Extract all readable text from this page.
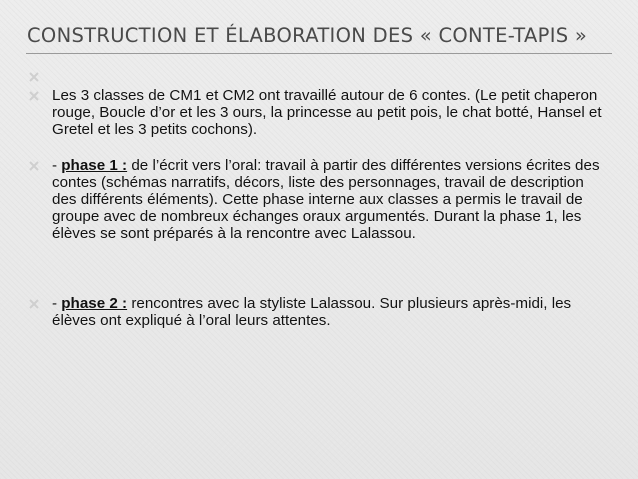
CONSTRUCTION ET ÉLABORATION DES « CONTE-TAPIS »
Les 3 classes de CM1 et CM2 ont travaillé autour de 6 contes. (Le petit chaperon rouge, Boucle d’or et les 3 ours, la princesse au petit pois, le chat botté, Hansel et Gretel et les 3 petits cochons).
- phase 1 : de l’écrit vers l’oral: travail à partir des différentes versions écrites des contes (schémas narratifs, décors, liste des personnages, travail de description des différents éléments). Cette phase interne aux classes a permis le travail de groupe avec de nombreux échanges oraux argumentés. Durant la phase 1, les élèves se sont préparés à la rencontre avec Lalassou.
- phase 2 : rencontres avec la styliste Lalassou. Sur plusieurs après-midi, les élèves ont expliqué à l’oral leurs attentes.
